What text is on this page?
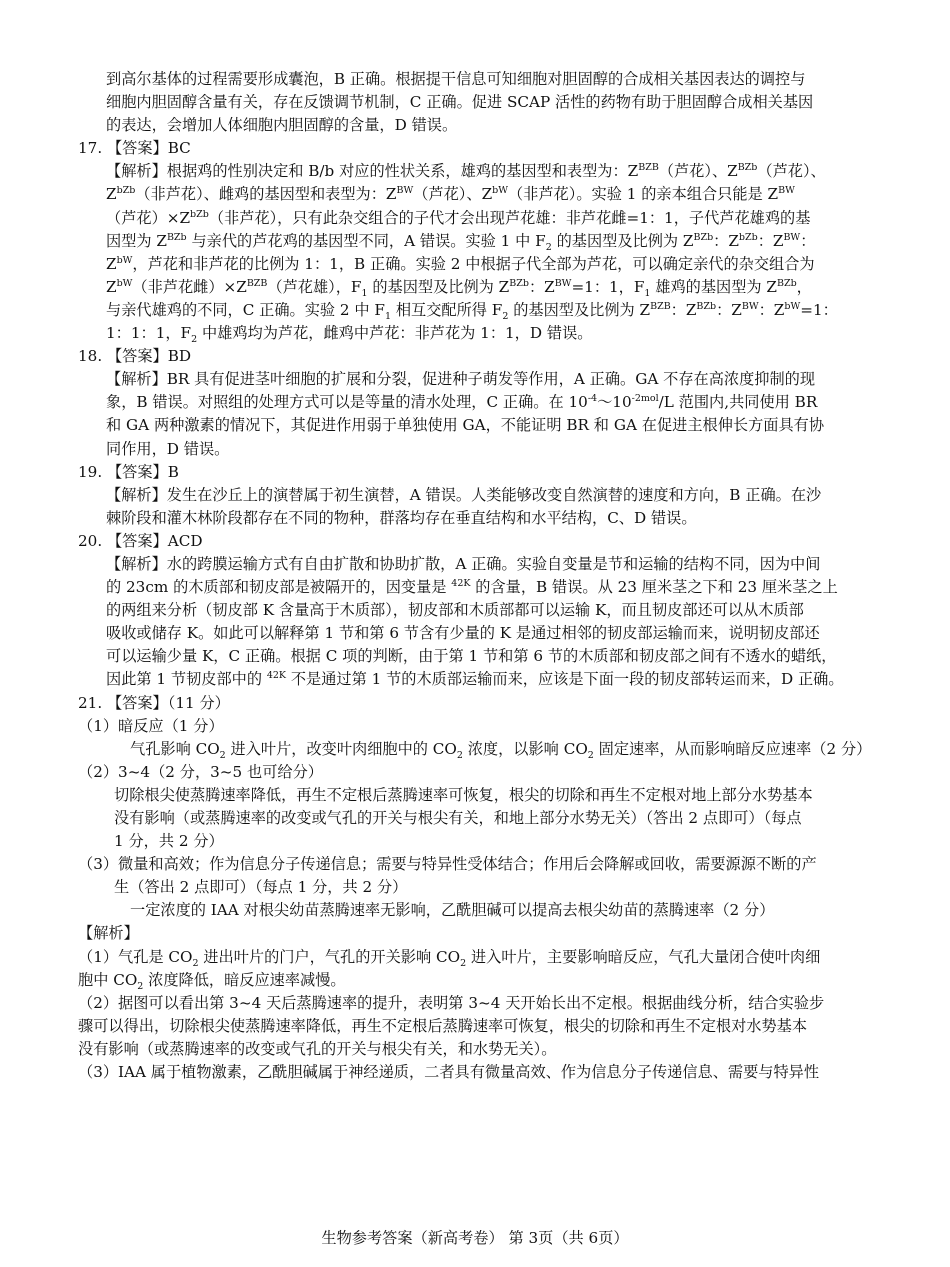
到高尔基体的过程需要形成囊泡，B 正确。根据提干信息可知细胞对胆固醇的合成相关基因表达的调控与
细胞内胆固醇含量有关，存在反馈调节机制，C 正确。促进 SCAP 活性的药物有助于胆固醇合成相关基因
的表达，会增加人体细胞内胆固醇的含量，D 错误。
17. 【答案】BC
【解析】根据鸡的性别决定和 B/b 对应的性状关系，雄鸡的基因型和表型为：$Z^{BZB}$（芦花）、$Z^{BZb}$（芦花）、
$Z^{bZb}$（非芦花）、雌鸡的基因型和表型为：$Z^{BW}$（芦花）、$Z^{bW}$（非芦花）。实验 1 的亲本组合只能是 $Z^{BW}$
（芦花）$\times Z^{bZb}$（非芦花），只有此杂交组合的子代才会出现芦花雄：非芦花雌=1：1，子代芦花雄鸡的基
因型为 $Z^{BZb}$ 与亲代的芦花鸡的基因型不同，A 错误。实验 1 中 $F_2$ 的基因型及比例为 $Z^{BZb}$：$Z^{bZb}$：$Z^{BW}$：
$Z^{bW}$，芦花和非芦花的比例为 1：1，B 正确。实验 2 中根据子代全部为芦花，可以确定亲代的杂交组合为
$Z^{bW}$（非芦花雌）$\times Z^{BZB}$（芦花雄），$F_1$ 的基因型及比例为 $Z^{BZb}$：$Z^{BW}=1$：1，$F_1$ 雄鸡的基因型为 $Z^{BZb}$，
与亲代雄鸡的不同，C 正确。实验 2 中 $F_1$ 相互交配所得 $F_2$ 的基因型及比例为 $Z^{BZB}$：$Z^{BZb}$：$Z^{BW}$：$Z^{bW}=1$：
1：1：1，$F_2$ 中雄鸡均为芦花，雌鸡中芦花：非芦花为 1：1，D 错误。
18. 【答案】BD
【解析】BR 具有促进茎叶细胞的扩展和分裂，促进种子萌发等作用，A 正确。GA 不存在高浓度抑制的现
象，B 错误。对照组的处理方式可以是等量的清水处理，C 正确。在 $10^{-4}\sim 10^{-2mol}/L$ 范围内,共同使用 BR
和 GA 两种激素的情况下，其促进作用弱于单独使用 GA，不能证明 BR 和 GA 在促进主根伸长方面具有协
同作用，D 错误。
19. 【答案】B
【解析】发生在沙丘上的演替属于初生演替，A 错误。人类能够改变自然演替的速度和方向，B 正确。在沙
棘阶段和灌木林阶段都存在不同的物种，群落均存在垂直结构和水平结构，C、D 错误。
20. 【答案】ACD
【解析】水的跨膜运输方式有自由扩散和协助扩散，A 正确。实验自变量是节和运输的结构不同，因为中间
的 23cm 的木质部和韧皮部是被隔开的，因变量是 $^{42K}$ 的含量，B 错误。从 23 厘米茎之下和 23 厘米茎之上
的两组来分析（韧皮部 K 含量高于木质部），韧皮部和木质部都可以运输 K，而且韧皮部还可以从木质部
吸收或储存 K。如此可以解释第 1 节和第 6 节含有少量的 K 是通过相邻的韧皮部运输而来，说明韧皮部还
可以运输少量 K，C 正确。根据 C 项的判断，由于第 1 节和第 6 节的木质部和韧皮部之间有不透水的蜡纸，
因此第 1 节韧皮部中的 $^{42K}$ 不是通过第 1 节的木质部运输而来，应该是下面一段的韧皮部转运而来，D 正确。
21. 【答案】（11 分）
（1）暗反应（1 分）
气孔影响 $CO_2$ 进入叶片，改变叶肉细胞中的 $CO_2$ 浓度，以影响 $CO_2$ 固定速率，从而影响暗反应速率（2 分）
（2）3~4（2 分，3~5 也可给分）
切除根尖使蒸腾速率降低，再生不定根后蒸腾速率可恢复，根尖的切除和再生不定根对地上部分水势基本
没有影响（或蒸腾速率的改变或气孔的开关与根尖有关，和地上部分水势无关）（答出 2 点即可）（每点
1 分，共 2 分）
（3）微量和高效；作为信息分子传递信息；需要与特异性受体结合；作用后会降解或回收，需要源源不断的产
生（答出 2 点即可）（每点 1 分，共 2 分）
一定浓度的 IAA 对根尖幼苗蒸腾速率无影响，乙酰胆碱可以提高去根尖幼苗的蒸腾速率（2 分）
【解析】
（1）气孔是 $CO_2$ 进出叶片的门户，气孔的开关影响 $CO_2$ 进入叶片，主要影响暗反应，气孔大量闭合使叶肉细
胞中 $CO_2$ 浓度降低，暗反应速率减慢。
（2）据图可以看出第 3~4 天后蒸腾速率的提升，表明第 3~4 天开始长出不定根。根据曲线分析，结合实验步
骤可以得出，切除根尖使蒸腾速率降低，再生不定根后蒸腾速率可恢复，根尖的切除和再生不定根对水势基本
没有影响（或蒸腾速率的改变或气孔的开关与根尖有关，和水势无关）。
（3）IAA 属于植物激素，乙酰胆碱属于神经递质，二者具有微量高效、作为信息分子传递信息、需要与特异性
生物参考答案（新高考卷） 第 3页（共 6页）
